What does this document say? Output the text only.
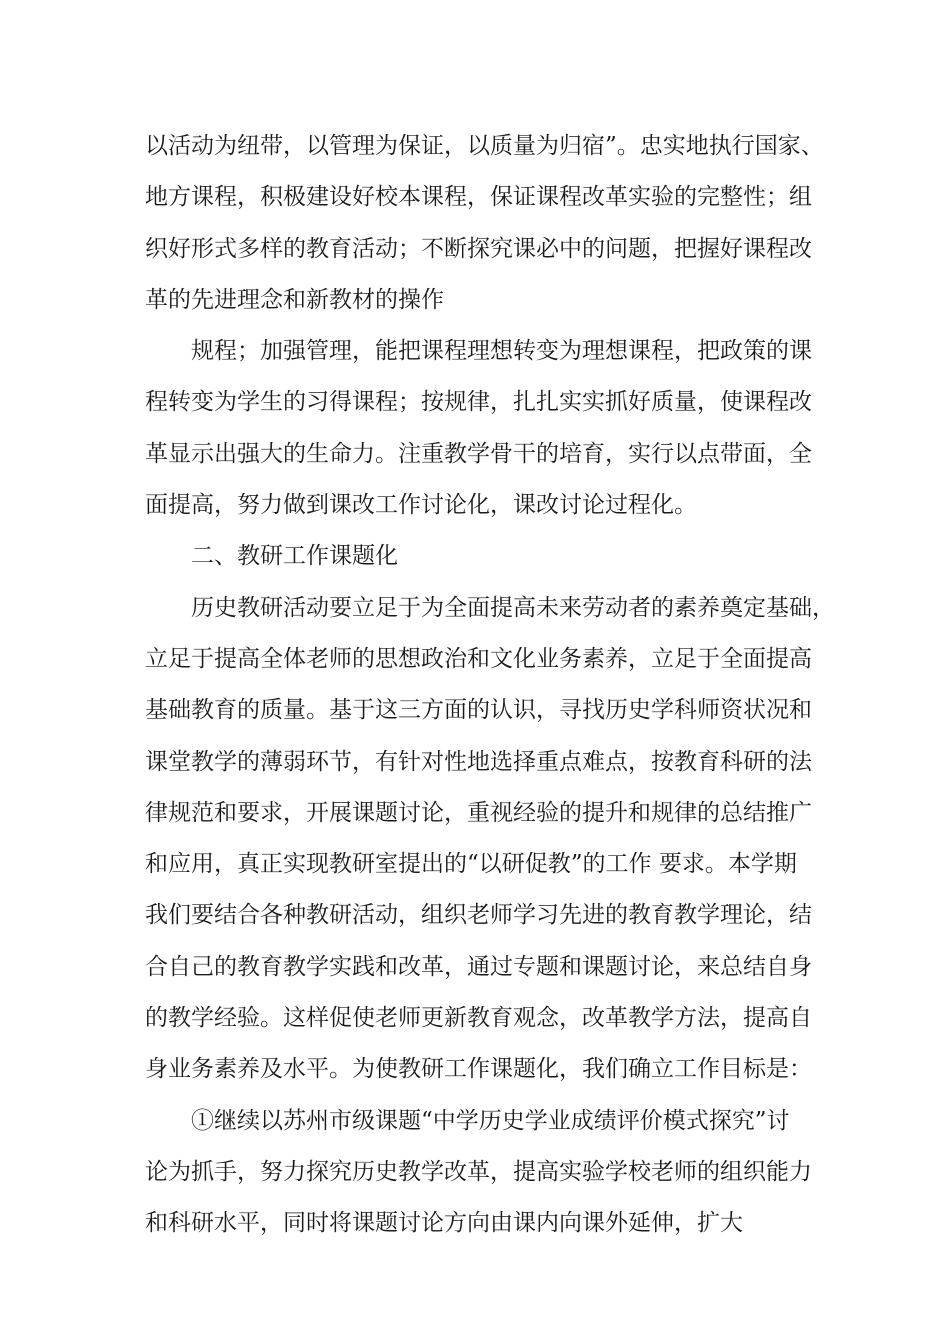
以活动为纽带，以管理为保证，以质量为归宿”。忠实地执行国家、
地方课程，积极建设好校本课程，保证课程改革实验的完整性；组
织好形式多样的教育活动；不断探究课必中的问题，把握好课程改
革的先进理念和新教材的操作
规程；加强管理，能把课程理想转变为理想课程，把政策的课
程转变为学生的习得课程；按规律，扎扎实实抓好质量，使课程改
革显示出强大的生命力。注重教学骨干的培育，实行以点带面，全
面提高，努力做到课改工作讨论化，课改讨论过程化。
二、教研工作课题化
历史教研活动要立足于为全面提高未来劳动者的素养奠定基础，
立足于提高全体老师的思想政治和文化业务素养，立足于全面提高
基础教育的质量。基于这三方面的认识，寻找历史学科师资状况和
课堂教学的薄弱环节，有针对性地选择重点难点，按教育科研的法
律规范和要求，开展课题讨论，重视经验的提升和规律的总结推广
和应用，真正实现教研室提出的“以研促教”的工作 要求。本学期
我们要结合各种教研活动，组织老师学习先进的教育教学理论，结
合自己的教育教学实践和改革，通过专题和课题讨论，来总结自身
的教学经验。这样促使老师更新教育观念，改革教学方法，提高自
身业务素养及水平。为使教研工作课题化，我们确立工作目标是：
①继续以苏州市级课题“中学历史学业成绩评价模式探究”讨
论为抓手，努力探究历史教学改革，提高实验学校老师的组织能力
和科研水平，同时将课题讨论方向由课内向课外延伸，扩大
